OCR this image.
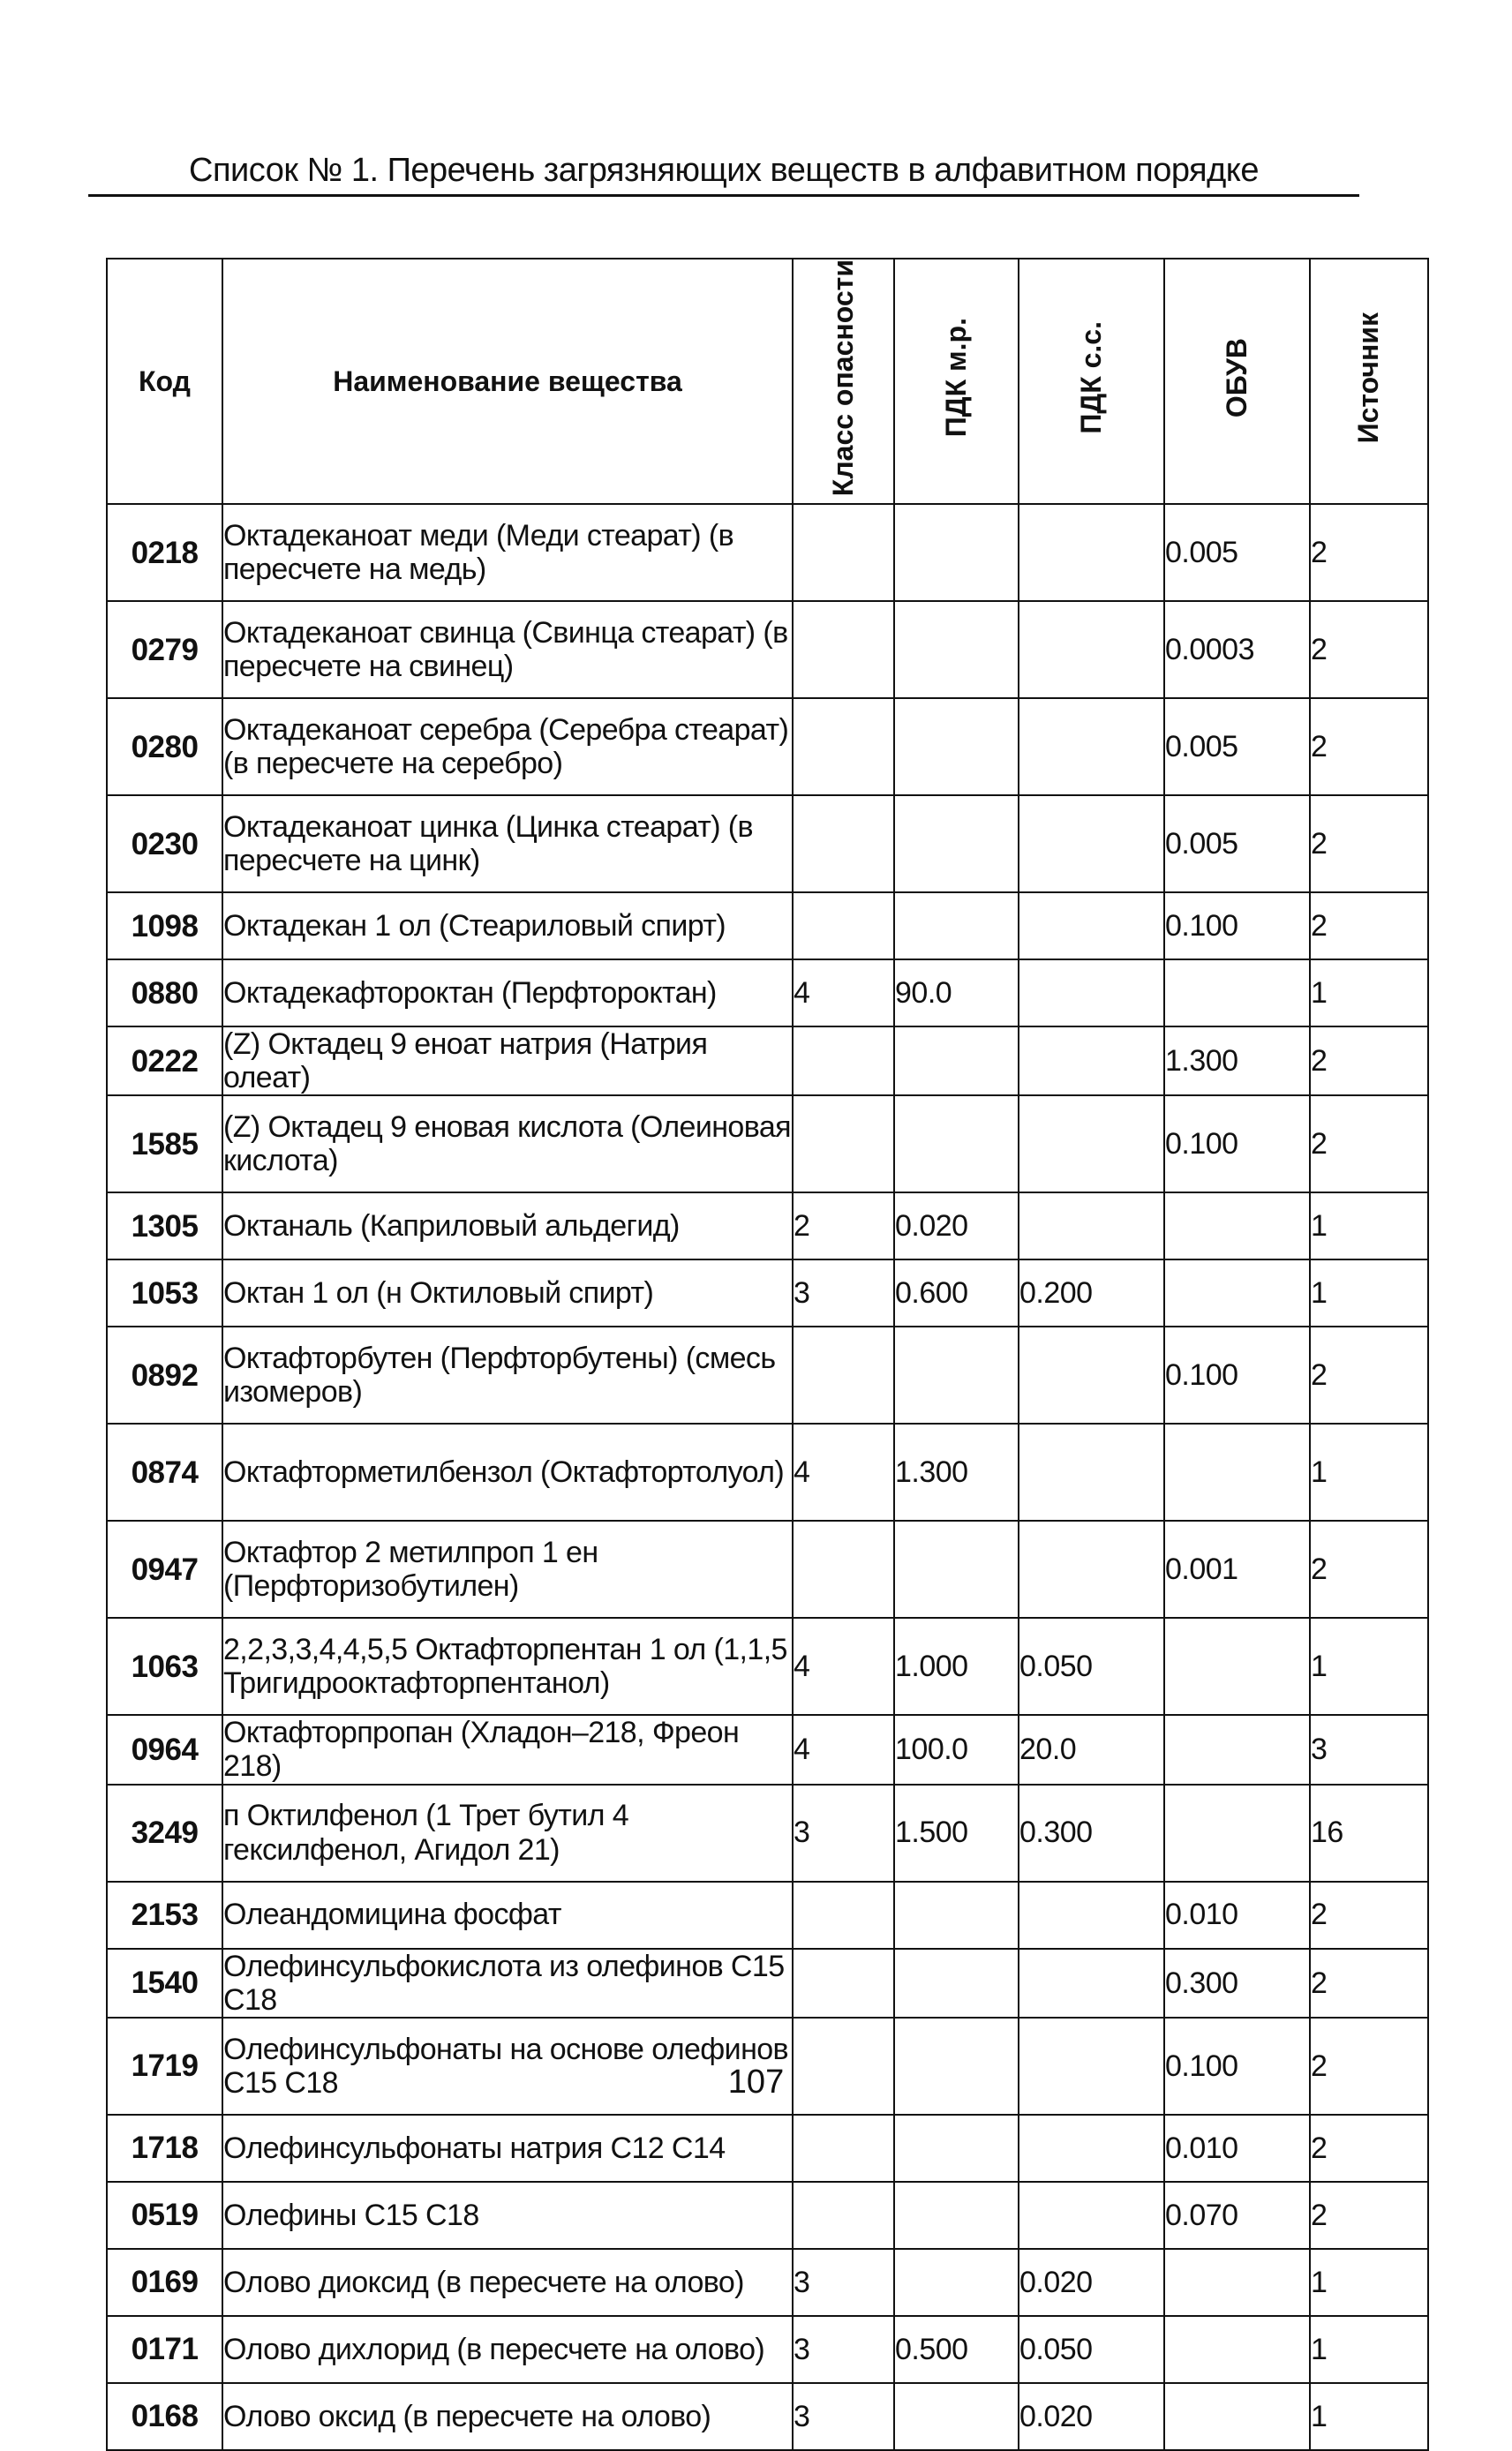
Список № 1. Перечень загрязняющих веществ в алфавитном порядке
Код	Наименование вещества	Класс опасности	ПДК м.р.	ПДК с.с.	ОБУВ	Источник
0218	Октадеканоат меди (Меди стеарат) (в пересчете на медь)				0.005	2
0279	Октадеканоат свинца (Свинца стеарат) (в пересчете на свинец)				0.0003	2
0280	Октадеканоат серебра (Серебра стеарат) (в пересчете на серебро)				0.005	2
0230	Октадеканоат цинка (Цинка стеарат) (в пересчете на цинк)				0.005	2
1098	Октадекан 1 ол (Стеариловый спирт)				0.100	2
0880	Октадекафтороктан (Перфтороктан)	4	90.0			1
0222	(Z) Октадец 9 еноат натрия (Натрия олеат)				1.300	2
1585	(Z) Октадец 9 еновая кислота (Олеиновая кислота)				0.100	2
1305	Октаналь (Каприловый альдегид)	2	0.020			1
1053	Октан 1 ол (н Октиловый спирт)	3	0.600	0.200		1
0892	Октафторбутен (Перфторбутены) (смесь изомеров)				0.100	2
0874	Октафторметилбензол (Октафтортолуол)	4	1.300			1
0947	Октафтор 2 метилпроп 1 ен (Перфторизобутилен)				0.001	2
1063	2,2,3,3,4,4,5,5 Октафторпентан 1 ол (1,1,5 Тригидрооктафторпентанол)	4	1.000	0.050		1
0964	Октафторпропан (Хладон–218, Фреон 218)	4	100.0	20.0		3
3249	п Октилфенол (1 Трет бутил 4 гексилфенол, Агидол 21)	3	1.500	0.300		16
2153	Олеандомицина фосфат				0.010	2
1540	Олефинсульфокислота из олефинов C15 C18				0.300	2
1719	Олефинсульфонаты на основе олефинов C15 C18				0.100	2
1718	Олефинсульфонаты натрия C12 C14				0.010	2
0519	Олефины C15 C18				0.070	2
0169	Олово диоксид (в пересчете на олово)	3		0.020		1
0171	Олово дихлорид (в пересчете на олово)	3	0.500	0.050		1
0168	Олово оксид (в пересчете на олово)	3		0.020		1
107
